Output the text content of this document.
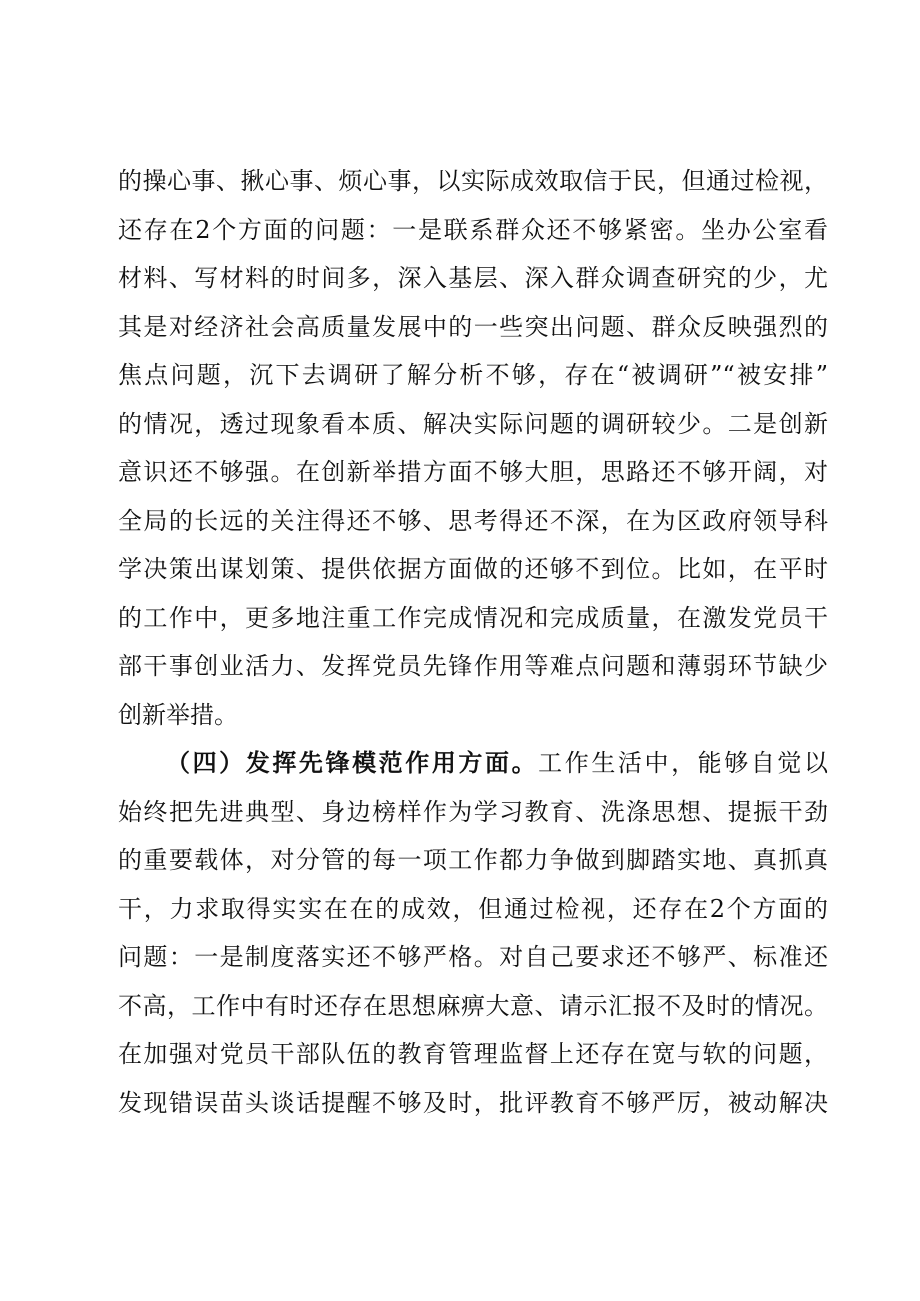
的操心事、揪心事、烦心事，以实际成效取信于民，但通过检视，
还存在2个方面的问题：一是联系群众还不够紧密。坐办公室看
材料、写材料的时间多，深入基层、深入群众调查研究的少，尤
其是对经济社会高质量发展中的一些突出问题、群众反映强烈的
焦点问题，沉下去调研了解分析不够，存在“被调研”“被安排”
的情况，透过现象看本质、解决实际问题的调研较少。二是创新
意识还不够强。在创新举措方面不够大胆，思路还不够开阔，对
全局的长远的关注得还不够、思考得还不深，在为区政府领导科
学决策出谋划策、提供依据方面做的还够不到位。比如，在平时
的工作中，更多地注重工作完成情况和完成质量，在激发党员干
部干事创业活力、发挥党员先锋作用等难点问题和薄弱环节缺少
创新举措。
（四）发挥先锋模范作用方面。工作生活中，能够自觉以
始终把先进典型、身边榜样作为学习教育、洗涤思想、提振干劲
的重要载体，对分管的每一项工作都力争做到脚踏实地、真抓真
干，力求取得实实在在的成效，但通过检视，还存在2个方面的
问题：一是制度落实还不够严格。对自己要求还不够严、标准还
不高，工作中有时还存在思想麻痹大意、请示汇报不及时的情况。
在加强对党员干部队伍的教育管理监督上还存在宽与软的问题，
发现错误苗头谈话提醒不够及时，批评教育不够严厉，被动解决
